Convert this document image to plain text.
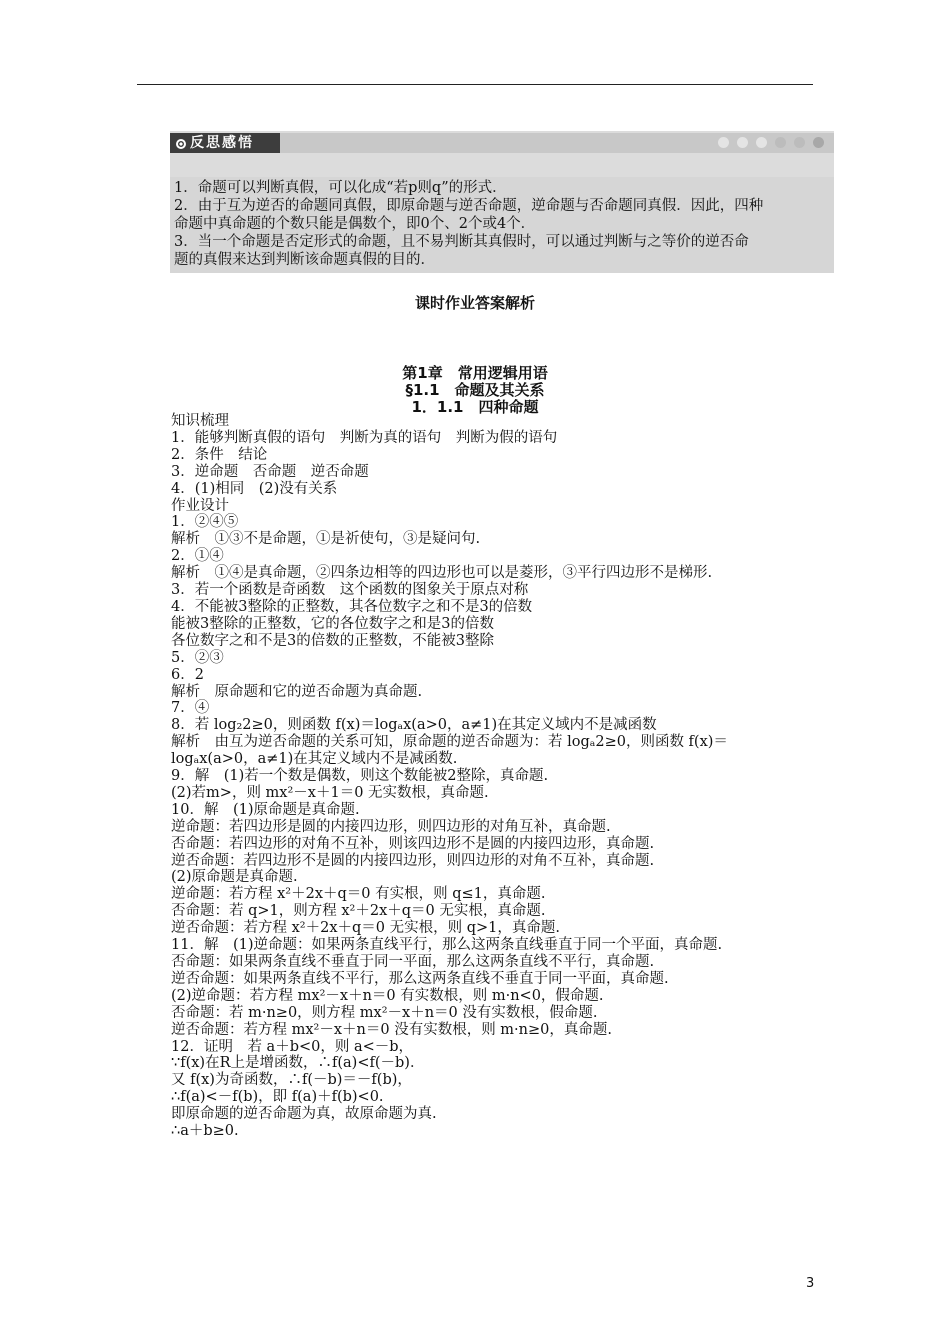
反思感悟

1．命题可以判断真假，可以化成“若p则q”的形式．

2．由于互为逆否的命题同真假，即原命题与逆否命题，逆命题与否命题同真假．因此，四种

命题中真命题的个数只能是偶数个，即0个、2个或4个．

3．当一个命题是否定形式的命题，且不易判断其真假时，可以通过判断与之等价的逆否命

题的真假来达到判断该命题真假的目的．

课时作业答案解析
第1章　常用逻辑用语
§1.1　命题及其关系
1．1.1　四种命题
知识梳理
1．能够判断真假的语句　判断为真的语句　判断为假的语句
2．条件　结论
3．逆命题　否命题　逆否命题
4．(1)相同　(2)没有关系
作业设计
1．②④⑤
解析　①③不是命题，①是祈使句，③是疑问句.
2．①④
解析　①④是真命题，②四条边相等的四边形也可以是菱形，③平行四边形不是梯形.
3．若一个函数是奇函数　这个函数的图象关于原点对称
4．不能被3整除的正整数，其各位数字之和不是3的倍数
能被3整除的正整数，它的各位数字之和是3的倍数
各位数字之和不是3的倍数的正整数，不能被3整除
5．②③
6．2
解析　原命题和它的逆否命题为真命题.
7．④
8．若 log₂2≥0，则函数 f(x)＝logₐx(a>0，a≠1)在其定义域内不是减函数
解析　由互为逆否命题的关系可知，原命题的逆否命题为：若 logₐ2≥0，则函数 f(x)＝
logₐx(a>0，a≠1)在其定义域内不是减函数.
9．解　(1)若一个数是偶数，则这个数能被2整除，真命题.
(2)若m>，则 mx²－x＋1＝0 无实数根，真命题.
10．解　(1)原命题是真命题.
逆命题：若四边形是圆的内接四边形，则四边形的对角互补，真命题.
否命题：若四边形的对角不互补，则该四边形不是圆的内接四边形，真命题.
逆否命题：若四边形不是圆的内接四边形，则四边形的对角不互补，真命题.
(2)原命题是真命题.
逆命题：若方程 x²＋2x＋q＝0 有实根，则 q≤1，真命题.
否命题：若 q>1，则方程 x²＋2x＋q＝0 无实根，真命题.
逆否命题：若方程 x²＋2x＋q＝0 无实根，则 q>1，真命题.
11．解　(1)逆命题：如果两条直线平行，那么这两条直线垂直于同一个平面，真命题.
否命题：如果两条直线不垂直于同一平面，那么这两条直线不平行，真命题.
逆否命题：如果两条直线不平行，那么这两条直线不垂直于同一平面，真命题.
(2)逆命题：若方程 mx²－x＋n＝0 有实数根，则 m·n<0，假命题.
否命题：若 m·n≥0，则方程 mx²－x＋n＝0 没有实数根，假命题.
逆否命题：若方程 mx²－x＋n＝0 没有实数根，则 m·n≥0，真命题.
12．证明　若 a＋b<0，则 a<－b，
∵f(x)在R上是增函数，∴f(a)<f(－b)．
又 f(x)为奇函数，∴f(－b)＝－f(b)，
∴f(a)<－f(b)，即 f(a)＋f(b)<0.
即原命题的逆否命题为真，故原命题为真.
∴a＋b≥0.
3
